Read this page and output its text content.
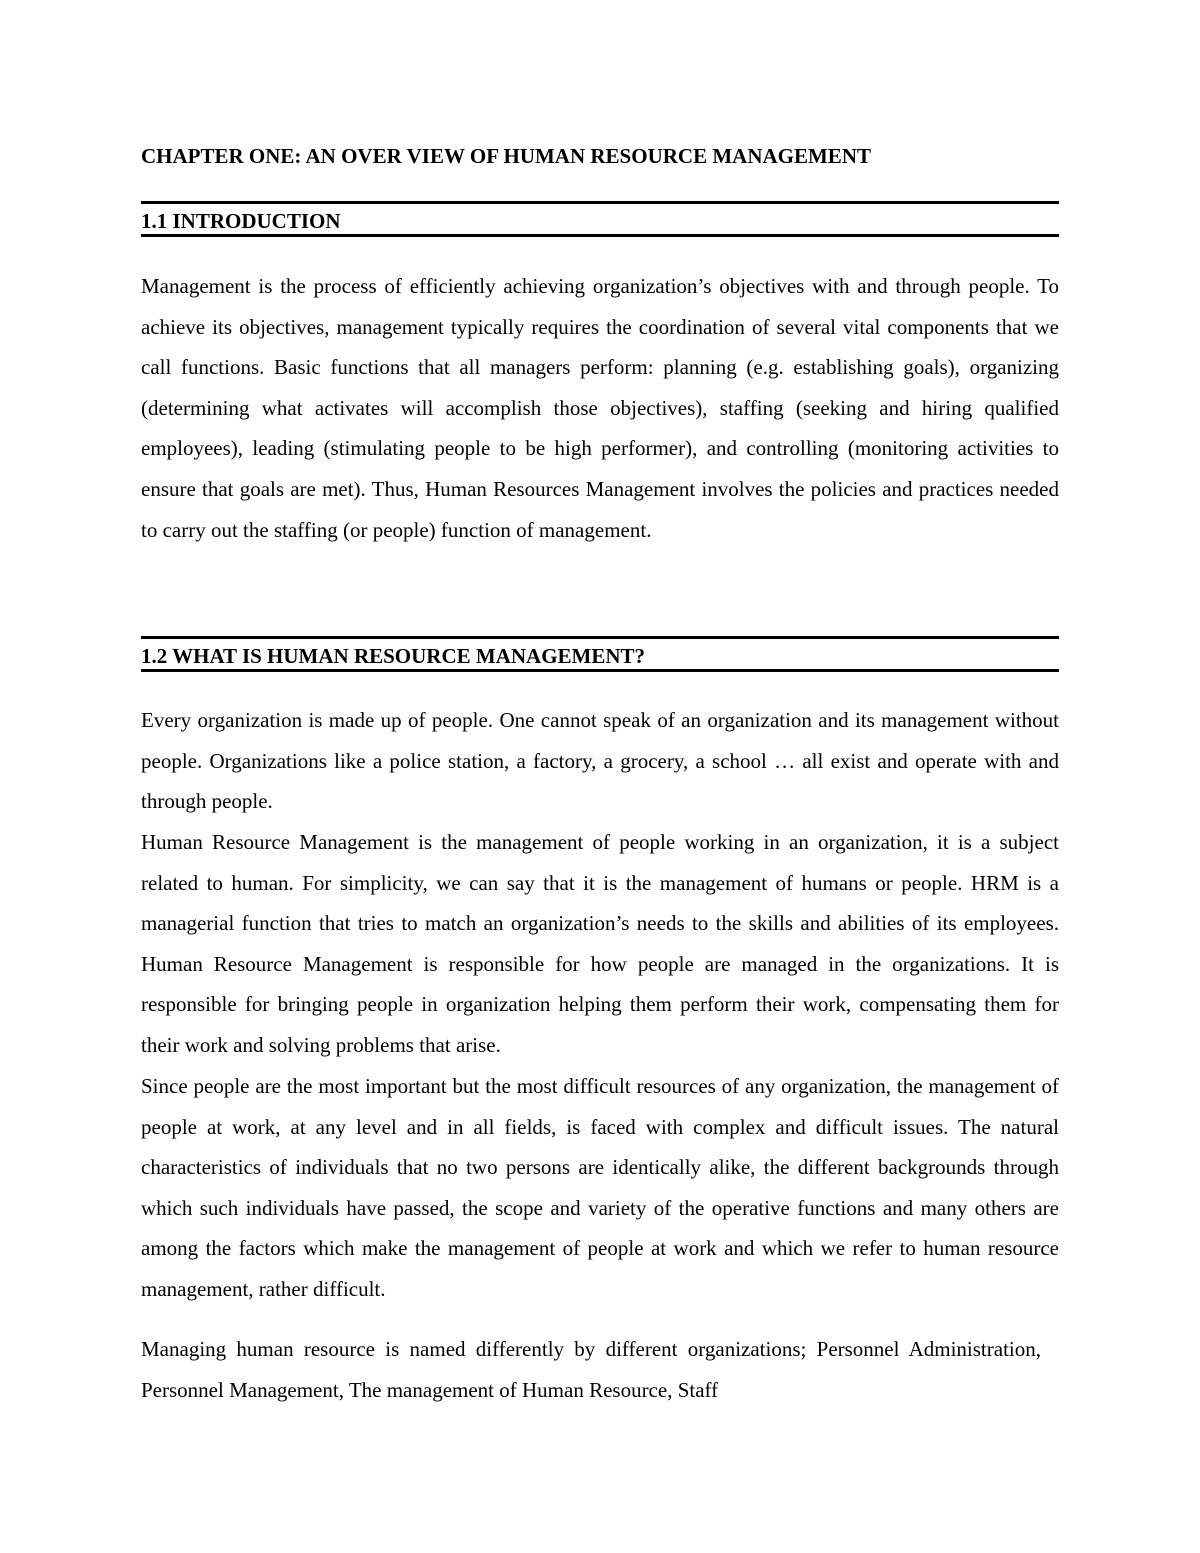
CHAPTER ONE: AN OVER VIEW OF HUMAN RESOURCE MANAGEMENT
1.1 INTRODUCTION

Management is the process of efficiently achieving organization’s objectives with and through people. To achieve its objectives, management typically requires the coordination of several vital components that we call functions. Basic functions that all managers perform: planning (e.g. establishing goals), organizing (determining what activates will accomplish those objectives), staffing (seeking and hiring qualified employees), leading (stimulating people to be high performer), and controlling (monitoring activities to ensure that goals are met). Thus, Human Resources Management involves the policies and practices needed to carry out the staffing (or people) function of management.

1.2 WHAT IS HUMAN RESOURCE MANAGEMENT?

Every organization is made up of people. One cannot speak of an organization and its management without people. Organizations like a police station, a factory, a grocery, a school … all exist and operate with and through people.

Human Resource Management is the management of people working in an organization, it is a subject related to human. For simplicity, we can say that it is the management of humans or people. HRM is a managerial function that tries to match an organization’s needs to the skills and abilities of its employees. Human Resource Management is responsible for how people are managed in the organizations. It is responsible for bringing people in organization helping them perform their work, compensating them for their work and solving problems that arise.

Since people are the most important but the most difficult resources of any organization, the management of people at work, at any level and in all fields, is faced with complex and difficult issues. The natural characteristics of individuals that no two persons are identically alike, the different backgrounds through which such individuals have passed, the scope and variety of the operative functions and many others are among the factors which make the management of people at work and which we refer to human resource management, rather difficult.

Managing human resource is named differently by different organizations; Personnel Administration, Personnel Management, The management of Human Resource, Staff
